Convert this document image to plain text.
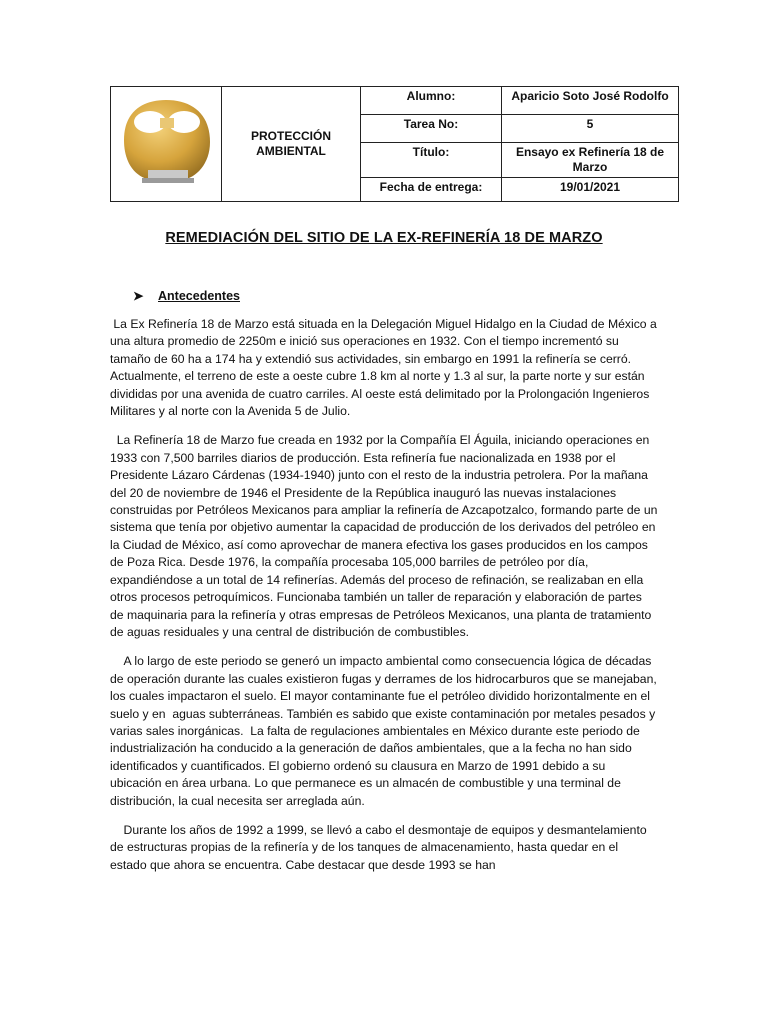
	PROTECCIÓN AMBIENTAL	Alumno:	Aparicio Soto José Rodolfo
		Tarea No:	5
		Título:	Ensayo ex Refinería 18 de Marzo
		Fecha de entrega:	19/01/2021
REMEDIACIÓN DEL SITIO DE LA EX-REFINERÍA 18 DE MARZO
➤ Antecedentes

La Ex Refinería 18 de Marzo está situada en la Delegación Miguel Hidalgo en la Ciudad de México a una altura promedio de 2250m e inició sus operaciones en 1932. Con el tiempo incrementó su tamaño de 60 ha a 174 ha y extendió sus actividades, sin embargo en 1991 la refinería se cerró. Actualmente, el terreno de este a oeste cubre 1.8 km al norte y 1.3 al sur, la parte norte y sur están divididas por una avenida de cuatro carriles. Al oeste está delimitado por la Prolongación Ingenieros Militares y al norte con la Avenida 5 de Julio.

La Refinería 18 de Marzo fue creada en 1932 por la Compañía El Águila, iniciando operaciones en 1933 con 7,500 barriles diarios de producción. Esta refinería fue nacionalizada en 1938 por el Presidente Lázaro Cárdenas (1934-1940) junto con el resto de la industria petrolera. Por la mañana del 20 de noviembre de 1946 el Presidente de la República inauguró las nuevas instalaciones construidas por Petróleos Mexicanos para ampliar la refinería de Azcapotzalco, formando parte de un sistema que tenía por objetivo aumentar la capacidad de producción de los derivados del petróleo en la Ciudad de México, así como aprovechar de manera efectiva los gases producidos en los campos de Poza Rica. Desde 1976, la compañía procesaba 105,000 barriles de petróleo por día, expandiéndose a un total de 14 refinerías. Además del proceso de refinación, se realizaban en ella otros procesos petroquímicos. Funcionaba también un taller de reparación y elaboración de partes de maquinaria para la refinería y otras empresas de Petróleos Mexicanos, una planta de tratamiento de aguas residuales y una central de distribución de combustibles.

A lo largo de este periodo se generó un impacto ambiental como consecuencia lógica de décadas de operación durante las cuales existieron fugas y derrames de los hidrocarburos que se manejaban, los cuales impactaron el suelo. El mayor contaminante fue el petróleo dividido horizontalmente en el suelo y en  aguas subterráneas. También es sabido que existe contaminación por metales pesados y varias sales inorgánicas.  La falta de regulaciones ambientales en México durante este periodo de industrialización ha conducido a la generación de daños ambientales, que a la fecha no han sido identificados y cuantificados. El gobierno ordenó su clausura en Marzo de 1991 debido a su ubicación en área urbana. Lo que permanece es un almacén de combustible y una terminal de distribución, la cual necesita ser arreglada aún.

Durante los años de 1992 a 1999, se llevó a cabo el desmontaje de equipos y desmantelamiento de estructuras propias de la refinería y de los tanques de almacenamiento, hasta quedar en el estado que ahora se encuentra. Cabe destacar que desde 1993 se han
